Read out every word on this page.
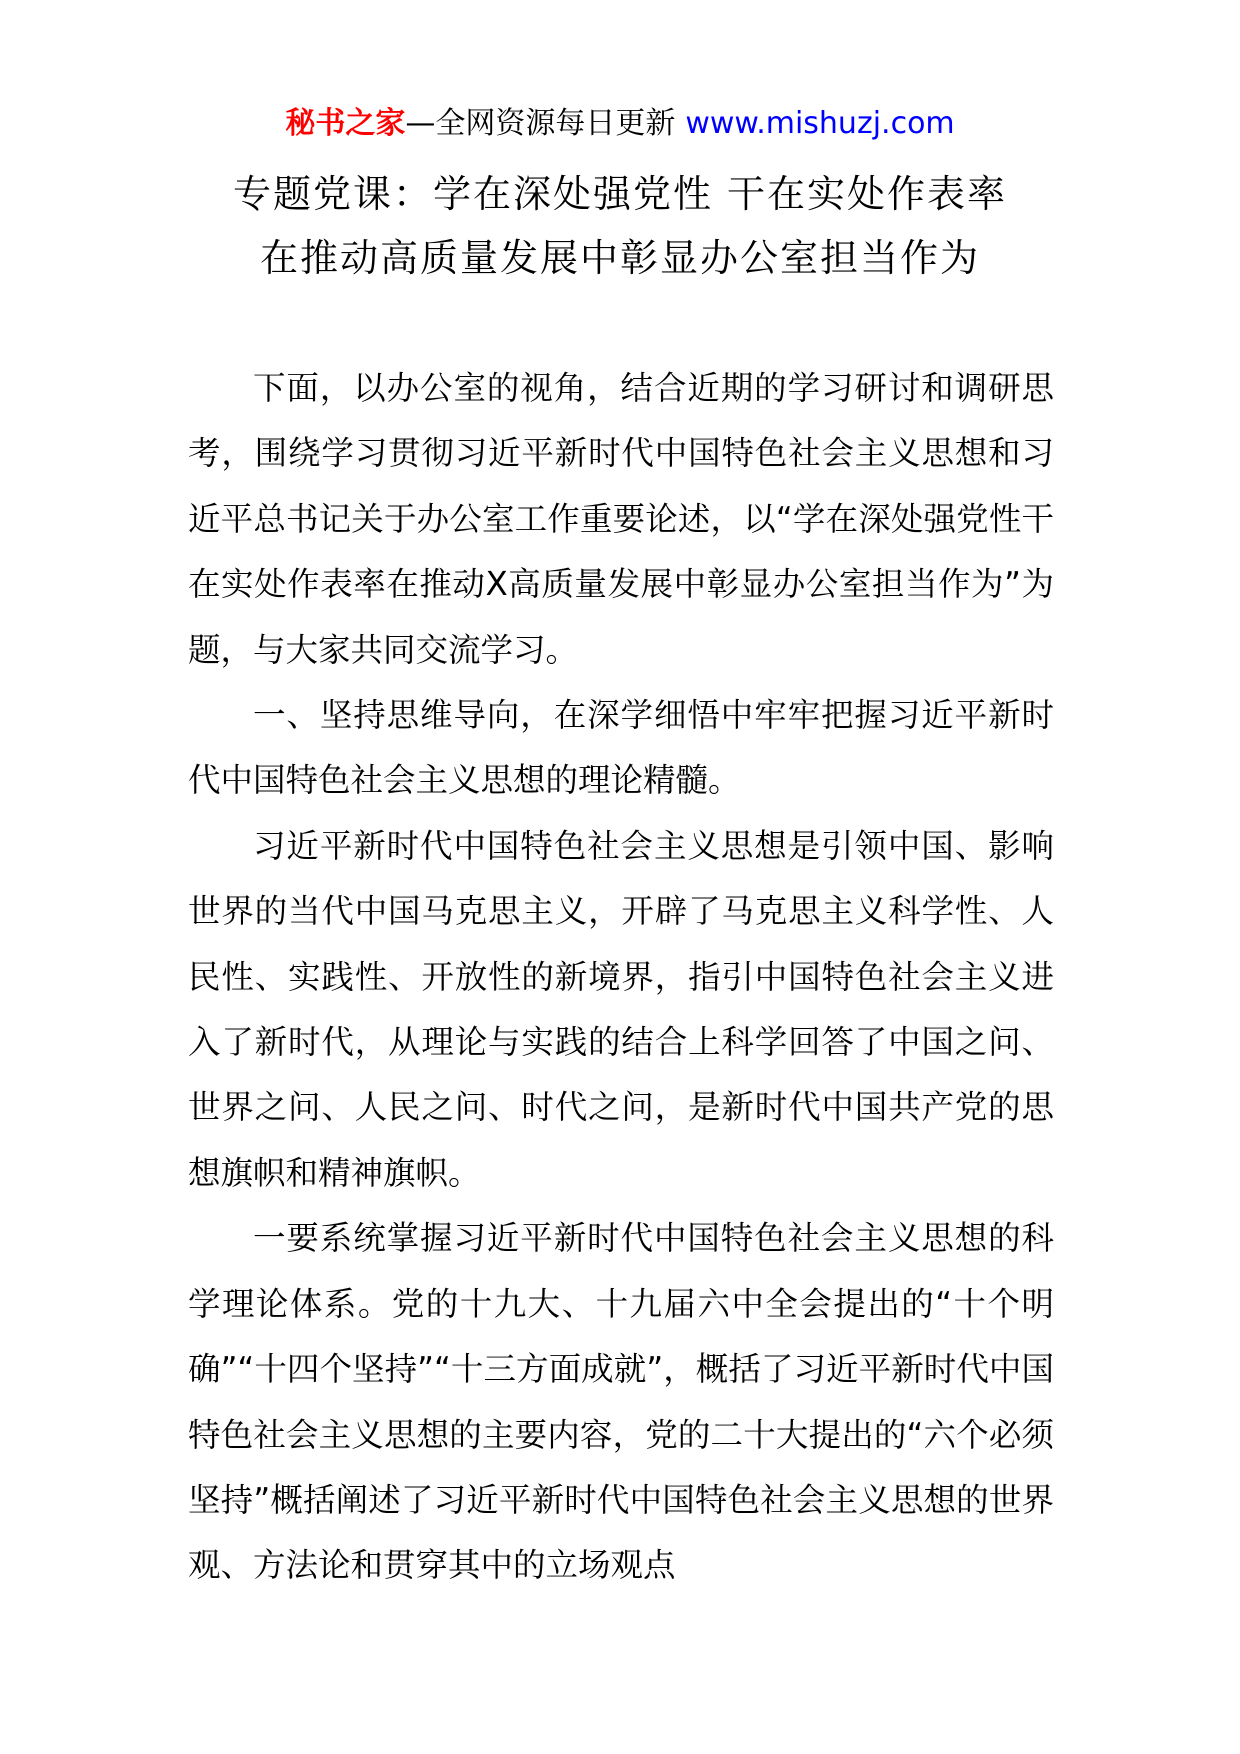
秘书之家—全网资源每日更新 www.mishuzj.com
专题党课：学在深处强党性 干在实处作表率
在推动高质量发展中彰显办公室担当作为

下面，以办公室的视角，结合近期的学习研讨和调研思考，围绕学习贯彻习近平新时代中国特色社会主义思想和习近平总书记关于办公室工作重要论述，以“学在深处强党性干在实处作表率在推动X高质量发展中彰显办公室担当作为”为题，与大家共同交流学习。

一、坚持思维导向，在深学细悟中牢牢把握习近平新时代中国特色社会主义思想的理论精髓。

习近平新时代中国特色社会主义思想是引领中国、影响世界的当代中国马克思主义，开辟了马克思主义科学性、人民性、实践性、开放性的新境界，指引中国特色社会主义进入了新时代，从理论与实践的结合上科学回答了中国之问、世界之问、人民之问、时代之问，是新时代中国共产党的思想旗帜和精神旗帜。

一要系统掌握习近平新时代中国特色社会主义思想的科学理论体系。党的十九大、十九届六中全会提出的“十个明确”“十四个坚持”“十三方面成就”，概括了习近平新时代中国特色社会主义思想的主要内容，党的二十大提出的“六个必须坚持”概括阐述了习近平新时代中国特色社会主义思想的世界观、方法论和贯穿其中的立场观点
